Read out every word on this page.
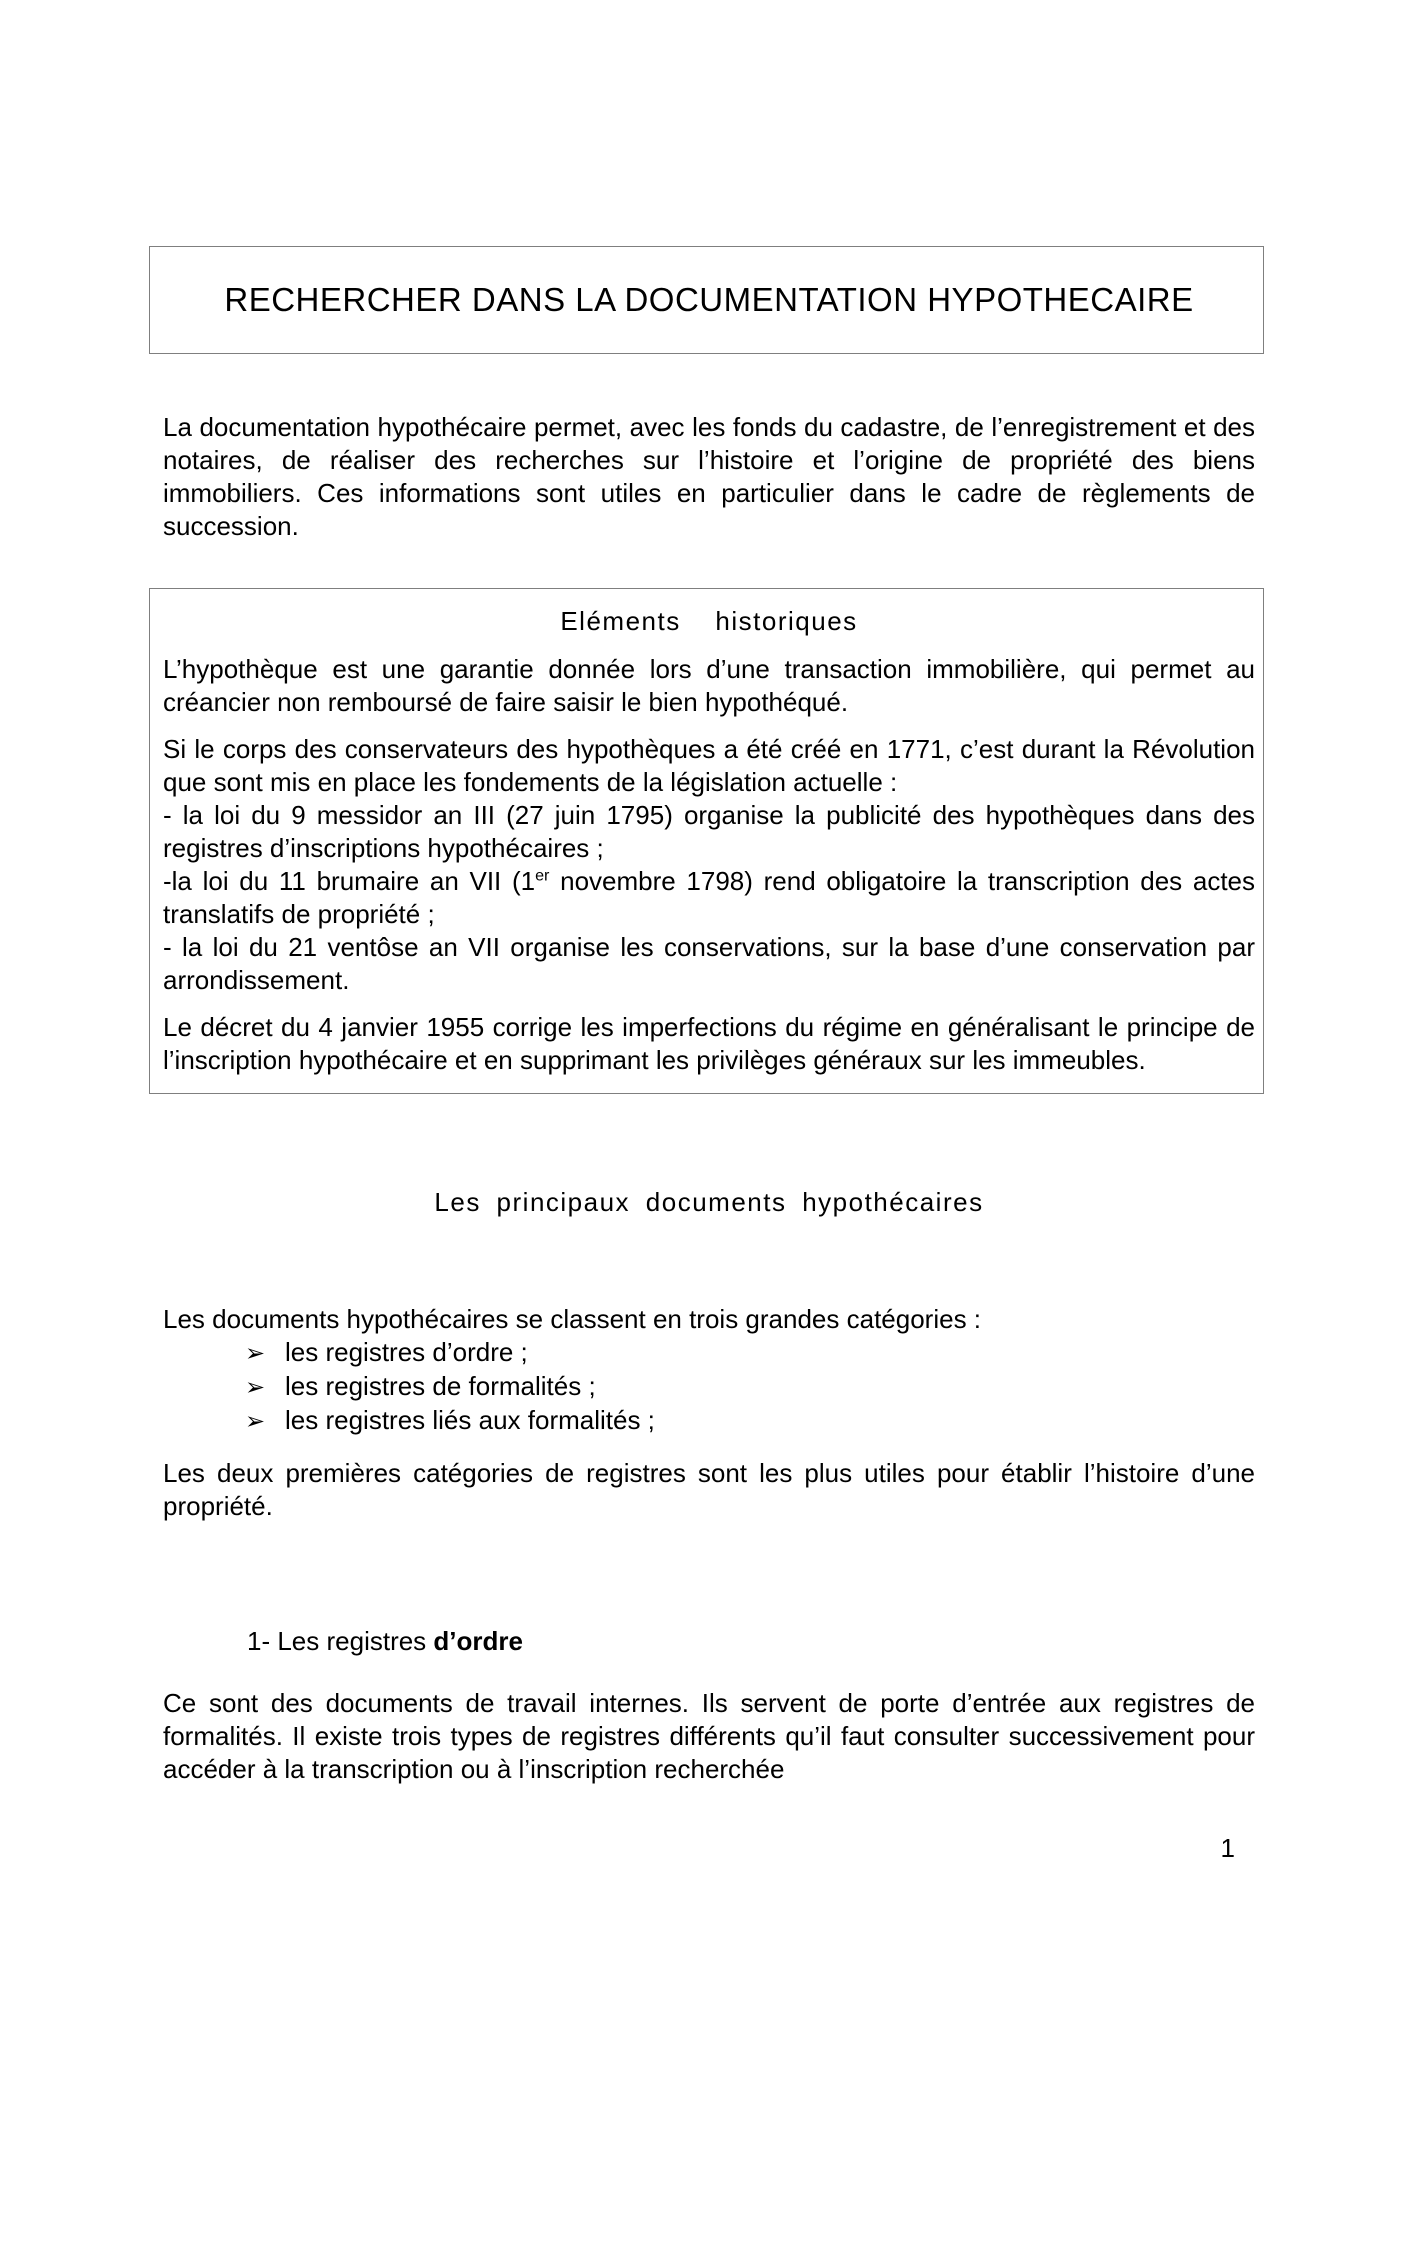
RECHERCHER DANS LA DOCUMENTATION HYPOTHECAIRE
La documentation hypothécaire permet, avec les fonds du cadastre, de l’enregistrement et des notaires, de réaliser des recherches sur l’histoire et l’origine de propriété des biens immobiliers. Ces informations sont utiles en particulier dans le cadre de règlements de succession.
Eléments historiques
L’hypothèque est une garantie donnée lors d’une transaction immobilière, qui permet au créancier non remboursé de faire saisir le bien hypothéqué.
Si le corps des conservateurs des hypothèques a été créé en 1771, c’est durant la Révolution que sont mis en place les fondements de la législation actuelle :
- la loi du 9 messidor an III (27 juin 1795) organise la publicité des hypothèques dans des registres d’inscriptions hypothécaires ;
-la loi du 11 brumaire an VII (1er novembre 1798) rend obligatoire la transcription des actes translatifs de propriété ;
- la loi du 21 ventôse an VII organise les conservations, sur la base d’une conservation par arrondissement.
Le décret du 4 janvier 1955 corrige les imperfections du régime en généralisant le principe de l’inscription hypothécaire et en supprimant les privilèges généraux sur les immeubles.
Les principaux documents hypothécaires
Les documents hypothécaires se classent en trois grandes catégories :
➢ les registres d’ordre ;
➢ les registres de formalités ;
➢ les registres liés aux formalités ;
Les deux premières catégories de registres sont les plus utiles pour établir l’histoire d’une propriété.
1- Les registres d’ordre
Ce sont des documents de travail internes. Ils servent de porte d’entrée aux registres de formalités. Il existe trois types de registres différents qu’il faut consulter successivement pour accéder à la transcription ou à l’inscription recherchée
1
